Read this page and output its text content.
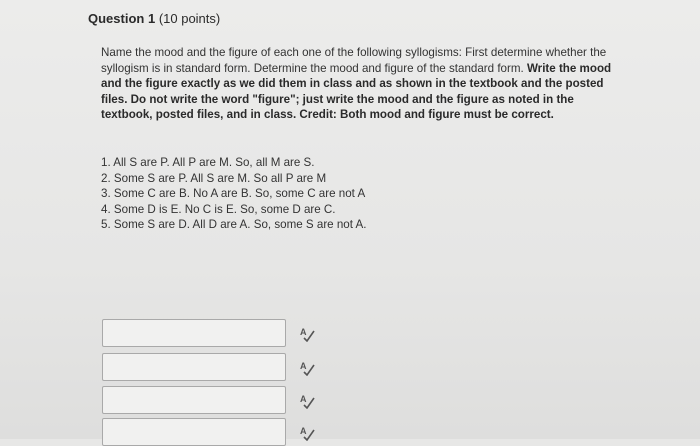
Question 1 (10 points)
Name the mood and the figure of each one of the following syllogisms: First determine whether the syllogism is in standard form. Determine the mood and figure of the standard form. Write the mood and the figure exactly as we did them in class and as shown in the textbook and the posted files. Do not write the word "figure"; just write the mood and the figure as noted in the textbook, posted files, and in class. Credit: Both mood and figure must be correct.
1. All S are P. All P are M. So, all M are S.
2. Some S are P. All S are M. So all P are M
3. Some C are B. No A are B. So, some C are not A
4. Some D is E. No C is E. So, some D are C.
5. Some S are D. All D are A. So, some S are not A.
A
A
A
A
